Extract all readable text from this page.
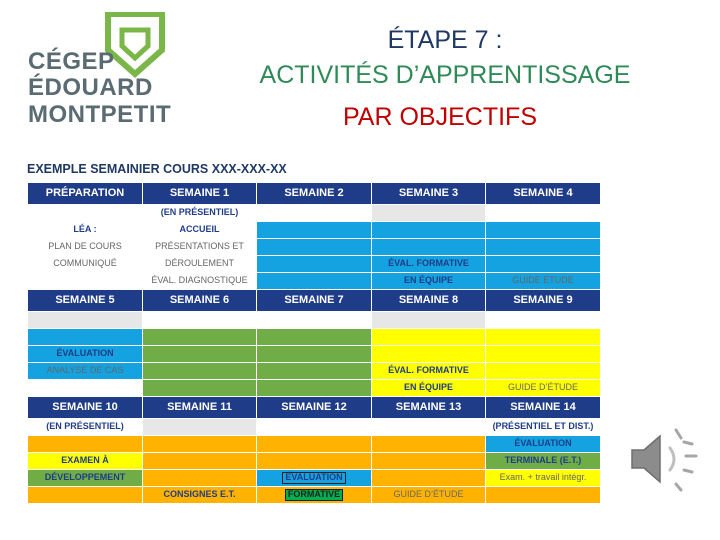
CÉGEP
ÉDOUARD
MONTPETIT
ÉTAPE 7 :
ACTIVITÉS D’APPRENTISSAGE
PAR OBJECTIFS
EXEMPLE SEMAINIER COURS XXX-XXX-XX
PRÉPARATION	SEMAINE 1	SEMAINE 2	SEMAINE 3	SEMAINE 4
	(EN PRÉSENTIEL)			
LÉA :	ACCUEIL			
PLAN DE COURS	PRÉSENTATIONS ET			
COMMUNIQUÉ	DÉROULEMENT		ÉVAL. FORMATIVE	
	ÉVAL. DIAGNOSTIQUE		EN ÉQUIPE	GUIDE ÉTUDE
SEMAINE 5	SEMAINE 6	SEMAINE 7	SEMAINE 8	SEMAINE 9

ÉVALUATION				
ANALYSE DE CAS			ÉVAL. FORMATIVE	
			EN ÉQUIPE	GUIDE D’ÉTUDE
SEMAINE 10	SEMAINE 11	SEMAINE 12	SEMAINE 13	SEMAINE 14
(EN PRÉSENTIEL)				(PRÉSENTIEL ET DIST.)
				ÉVALUATION
EXAMEN À				TERMINALE (E.T.)
DÉVELOPPEMENT		ÉVALUATION		Exam. + travail intégr.
	CONSIGNES E.T.	FORMATIVE	GUIDE D’ÉTUDE	
